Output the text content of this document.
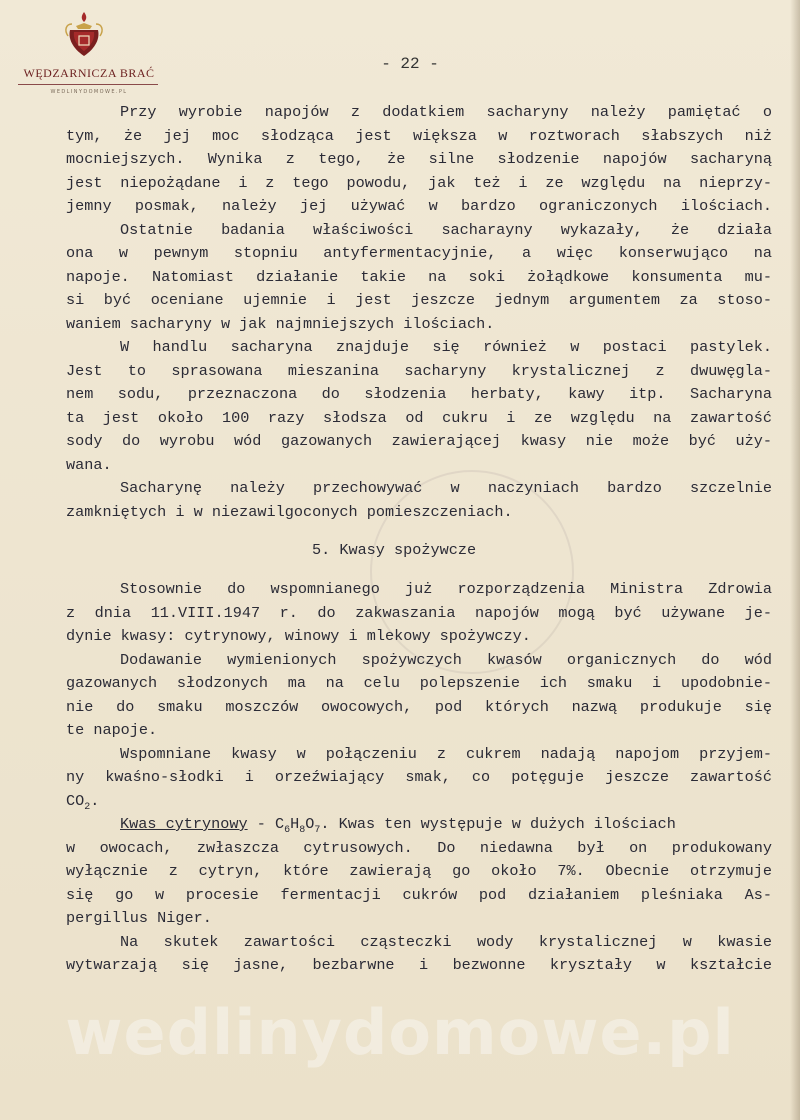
WĘDZARNICZA BRAĆ
WEDLINYDOMOWE.PL
- 22 -
Przy wyrobie napojów z dodatkiem sacharyny należy pamiętać o
tym, że jej moc słodząca jest większa w roztworach słabszych niż
mocniejszych. Wynika z tego, że silne słodzenie napojów sacharyną
jest niepożądane i z tego powodu, jak też i ze względu na nieprzy-
jemny posmak, należy jej używać w bardzo ograniczonych ilościach.
Ostatnie badania właściwości sacharayny wykazały, że działa
ona w pewnym stopniu antyfermentacyjnie, a więc konserwująco na
napoje. Natomiast działanie takie na soki żołądkowe konsumenta mu-
si być oceniane ujemnie i jest jeszcze jednym argumentem za stoso-
waniem sacharyny w jak najmniejszych ilościach.
W handlu sacharyna znajduje się również w postaci pastylek.
Jest to sprasowana mieszanina sacharyny krystalicznej z dwuwęgla-
nem sodu, przeznaczona do słodzenia herbaty, kawy itp. Sacharyna
ta jest około 100 razy słodsza od cukru i ze względu na zawartość
sody do wyrobu wód gazowanych zawierającej kwasy nie może być uży-
wana.
Sacharynę należy przechowywać w naczyniach bardzo szczelnie
zamkniętych i w niezawilgoconych pomieszczeniach.
5. Kwasy spożywcze
Stosownie do wspomnianego już rozporządzenia Ministra Zdrowia
z dnia 11.VIII.1947 r. do zakwaszania napojów mogą być używane je-
dynie kwasy: cytrynowy, winowy i mlekowy spożywczy.
Dodawanie wymienionych spożywczych kwasów organicznych do wód
gazowanych słodzonych ma na celu polepszenie ich smaku i upodobnie-
nie do smaku moszczów owocowych, pod których nazwą produkuje się
te napoje.
Wspomniane kwasy w połączeniu z cukrem nadają napojom przyjem-
ny kwaśno-słodki i orzeźwiający smak, co potęguje jeszcze zawartość
$CO_2$.
Kwas cytrynowy - $C_6H_8O_7$. Kwas ten występuje w dużych ilościach
w owocach, zwłaszcza cytrusowych. Do niedawna był on produkowany
wyłącznie z cytryn, które zawierają go około 7%. Obecnie otrzymuje
się go w procesie fermentacji cukrów pod działaniem pleśniaka As-
pergillus Niger.
Na skutek zawartości cząsteczki wody krystalicznej w kwasie
wytwarzają się jasne, bezbarwne i bezwonne kryształy w kształcie
wedlinydomowe.pl
